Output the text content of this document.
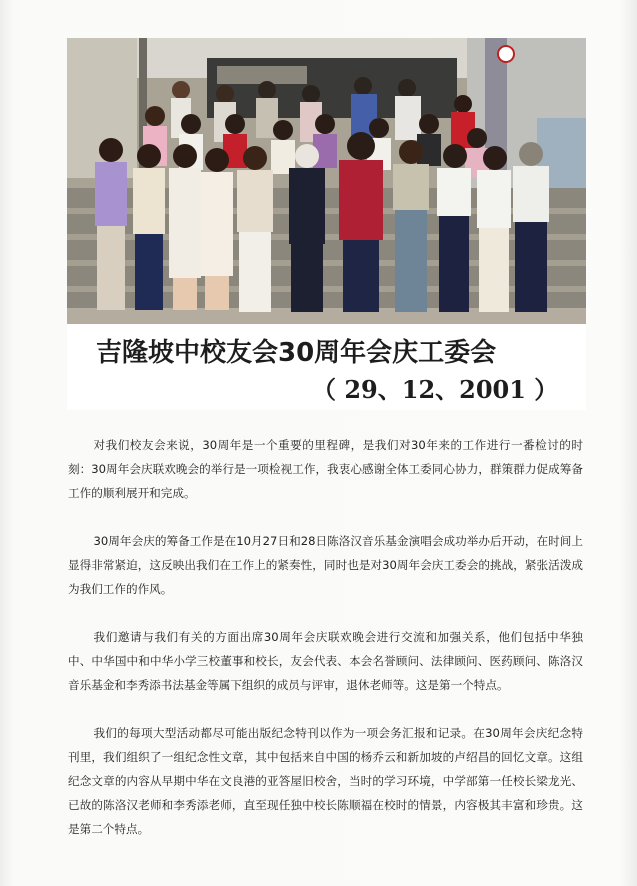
吉隆坡中校友会30周年会庆工委会
（ 29、12、2001 ）

对我们校友会来说，30周年是一个重要的里程碑，是我们对30年来的工作进行一番检讨的时刻：30周年会庆联欢晚会的举行是一项检视工作，我衷心感谢全体工委同心协力，群策群力促成筹备工作的顺利展开和完成。

30周年会庆的筹备工作是在10月27日和28日陈洛汉音乐基金演唱会成功举办后开动，在时间上显得非常紧迫，这反映出我们在工作上的紧奏性，同时也是对30周年会庆工委会的挑战，紧张活泼成为我们工作的作风。

我们邀请与我们有关的方面出席30周年会庆联欢晚会进行交流和加强关系，他们包括中华独中、中华国中和中华小学三校董事和校长，友会代表、本会名誉顾问、法律顾问、医药顾问、陈洛汉音乐基金和李秀添书法基金等属下组织的成员与评审，退休老师等。这是第一个特点。

我们的每项大型活动都尽可能出版纪念特刊以作为一项会务汇报和记录。在30周年会庆纪念特刊里，我们组织了一组纪念性文章，其中包括来自中国的杨乔云和新加坡的卢绍昌的回忆文章。这组纪念文章的内容从早期中华在文良港的亚答屋旧校舍，当时的学习环境，中学部第一任校长梁龙光、已故的陈洛汉老师和李秀添老师，直至现任独中校长陈顺福在校时的情景，内容极其丰富和珍贵。这是第二个特点。
